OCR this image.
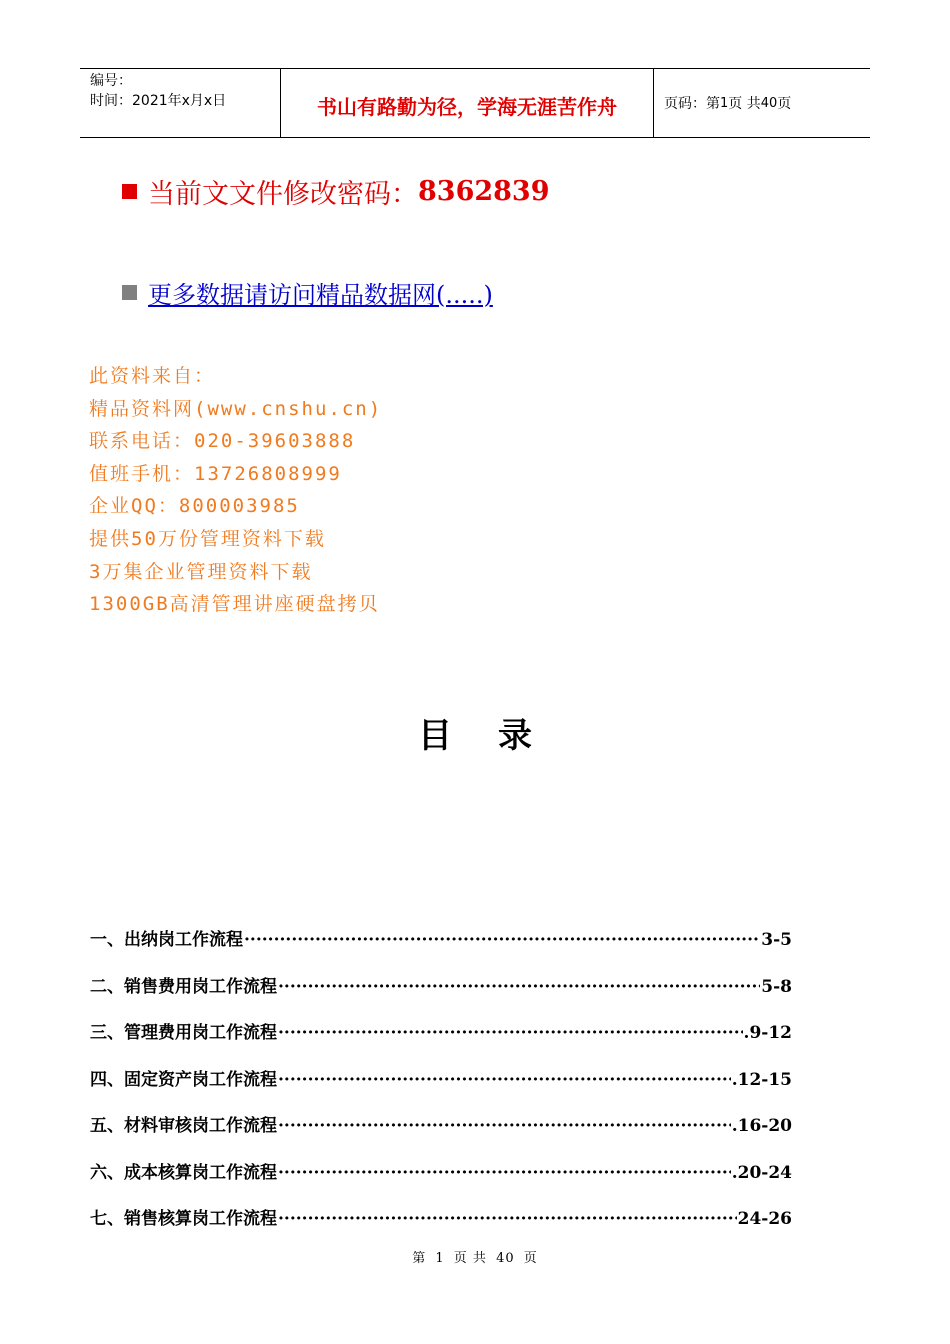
编号：
时间：2021年x月x日	书山有路勤为径，学海无涯苦作舟	页码：第 1 页 共 40 页
当前文文件修改密码： 8362839
更多数据请访问精品数据网(.....)
此资料来自：
精品资料网(www.cnshu.cn)
联系电话：020-39603888
值班手机：13726808999
企业QQ：800003985
提供50万份管理资料下载
3万集企业管理资料下载
1300GB高清管理讲座硬盘拷贝
目录
一、出纳岗工作流程 ·····	3-5
二、销售费用岗工作流程 ·····	5-8
三、管理费用岗工作流程 ·····	.9-12
四、固定资产岗工作流程 ·····	.12-15
五、材料审核岗工作流程 ·····	.16-20
六、成本核算岗工作流程 ·····	.20-24
七、销售核算岗工作流程 ·····	24-26
第 1 页 共 40 页
